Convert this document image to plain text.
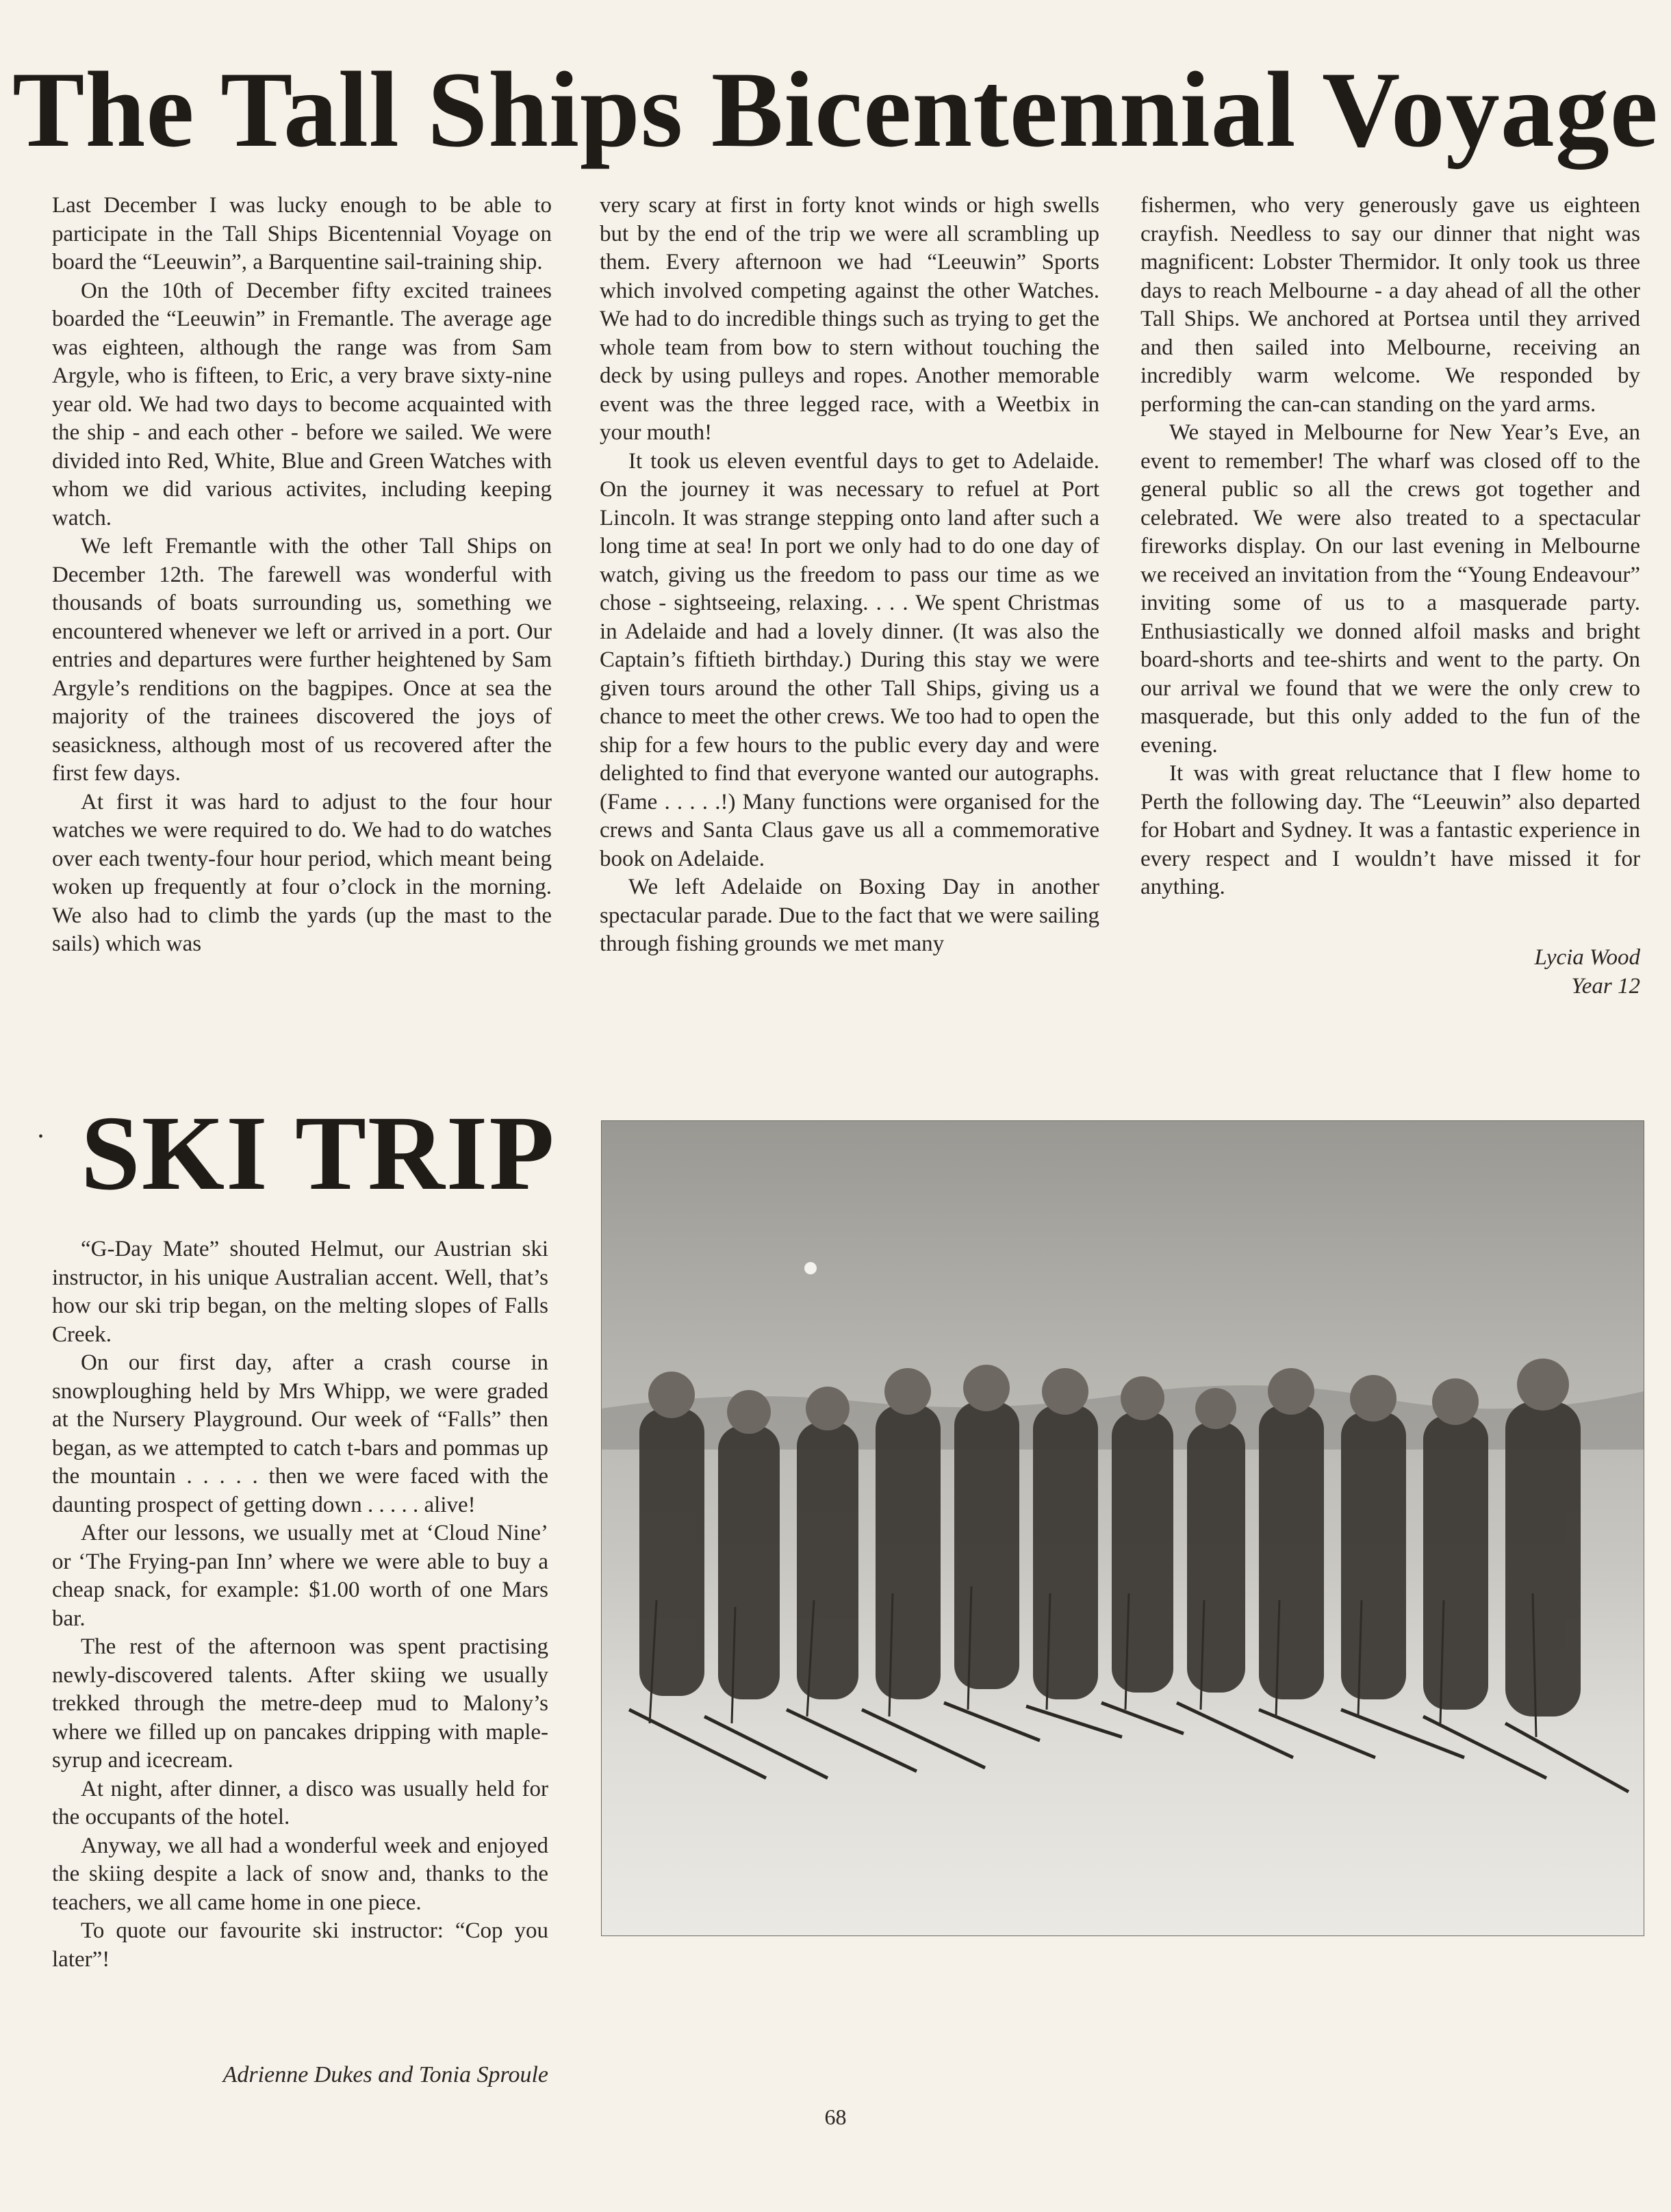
The Tall Ships Bicentennial Voyage

Last December I was lucky enough to be able to participate in the Tall Ships Bicentennial Voyage on board the “Leeuwin”, a Barquentine sail-training ship.

On the 10th of December fifty excited trainees boarded the “Leeuwin” in Fremantle. The average age was eighteen, although the range was from Sam Argyle, who is fifteen, to Eric, a very brave sixty-nine year old. We had two days to become acquainted with the ship - and each other - before we sailed. We were divided into Red, White, Blue and Green Watches with whom we did various activites, including keeping watch.

We left Fremantle with the other Tall Ships on December 12th. The farewell was wonderful with thousands of boats surrounding us, something we encountered whenever we left or arrived in a port. Our entries and departures were further heightened by Sam Argyle’s renditions on the bagpipes. Once at sea the majority of the trainees discovered the joys of seasickness, although most of us recovered after the first few days.

At first it was hard to adjust to the four hour watches we were required to do. We had to do watches over each twenty-four hour period, which meant being woken up frequently at four o’clock in the morning. We also had to climb the yards (up the mast to the sails) which was

very scary at first in forty knot winds or high swells but by the end of the trip we were all scrambling up them. Every afternoon we had “Leeuwin” Sports which involved competing against the other Watches. We had to do incredible things such as trying to get the whole team from bow to stern without touching the deck by using pulleys and ropes. Another memorable event was the three legged race, with a Weetbix in your mouth!

It took us eleven eventful days to get to Adelaide. On the journey it was necessary to refuel at Port Lincoln. It was strange stepping onto land after such a long time at sea! In port we only had to do one day of watch, giving us the freedom to pass our time as we chose - sightseeing, relaxing. . . . We spent Christmas in Adelaide and had a lovely dinner. (It was also the Captain’s fiftieth birthday.) During this stay we were given tours around the other Tall Ships, giving us a chance to meet the other crews. We too had to open the ship for a few hours to the public every day and were delighted to find that everyone wanted our autographs. (Fame . . . . .!) Many functions were organised for the crews and Santa Claus gave us all a commemorative book on Adelaide.

We left Adelaide on Boxing Day in another spectacular parade. Due to the fact that we were sailing through fishing grounds we met many

fishermen, who very generously gave us eighteen crayfish. Needless to say our dinner that night was magnificent: Lobster Thermidor. It only took us three days to reach Melbourne - a day ahead of all the other Tall Ships. We anchored at Portsea until they arrived and then sailed into Melbourne, receiving an incredibly warm welcome. We responded by performing the can-can standing on the yard arms.

We stayed in Melbourne for New Year’s Eve, an event to remember! The wharf was closed off to the general public so all the crews got together and celebrated. We were also treated to a spectacular fireworks display. On our last evening in Melbourne we received an invitation from the “Young Endeavour” inviting some of us to a masquerade party. Enthusiastically we donned alfoil masks and bright board-shorts and tee-shirts and went to the party. On our arrival we found that we were the only crew to masquerade, but this only added to the fun of the evening.

It was with great reluctance that I flew home to Perth the following day. The “Leeuwin” also departed for Hobart and Sydney. It was a fantastic experience in every respect and I wouldn’t have missed it for anything.

Lycia Wood
Year 12
• SKI TRIP

“G-Day Mate” shouted Helmut, our Austrian ski instructor, in his unique Australian accent. Well, that’s how our ski trip began, on the melting slopes of Falls Creek.

On our first day, after a crash course in snowploughing held by Mrs Whipp, we were graded at the Nursery Playground. Our week of “Falls” then began, as we attempted to catch t-bars and pommas up the mountain . . . . . then we were faced with the daunting prospect of getting down . . . . . alive!

After our lessons, we usually met at ‘Cloud Nine’ or ‘The Frying-pan Inn’ where we were able to buy a cheap snack, for example: $1.00 worth of one Mars bar.

The rest of the afternoon was spent practising newly-discovered talents. After skiing we usually trekked through the metre-deep mud to Malony’s where we filled up on pancakes dripping with maple-syrup and icecream.

At night, after dinner, a disco was usually held for the occupants of the hotel.

Anyway, we all had a wonderful week and enjoyed the skiing despite a lack of snow and, thanks to the teachers, we all came home in one piece.

To quote our favourite ski instructor: “Cop you later”!

Adrienne Dukes and Tonia Sproule
68
